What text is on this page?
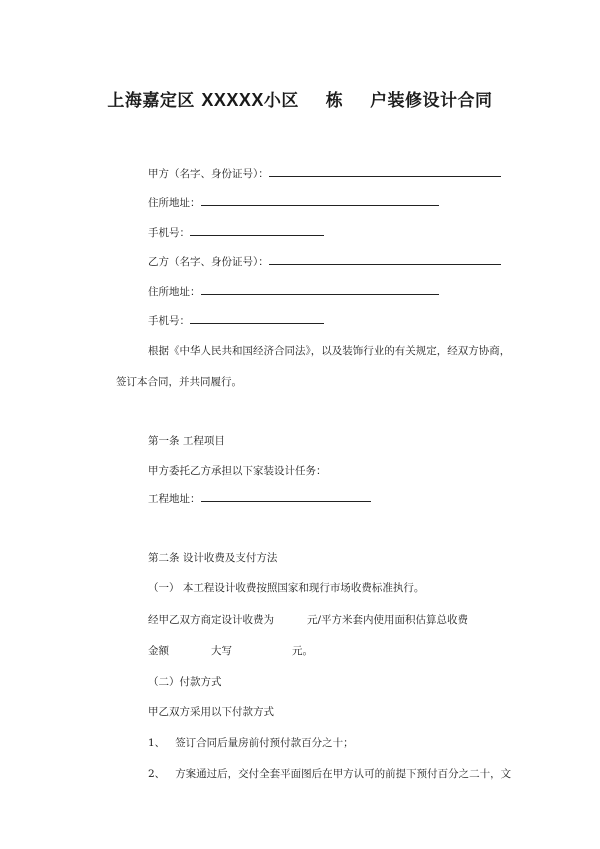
上海嘉定区 XXXXX小区 栋 户装修设计合同
甲方（名字、身份证号）：
住所地址：
手机号：
乙方（名字、身份证号）：
住所地址：
手机号：
根据《中华人民共和国经济合同法》，以及装饰行业的有关规定，经双方协商，
签订本合同，并共同履行。
第一条 工程项目
甲方委托乙方承担以下家装设计任务：
工程地址：
第二条 设计收费及支付方法
（一） 本工程设计收费按照国家和现行市场收费标准执行。
经甲乙双方商定设计收费为	元/平方米套内使用面积估算总收费
金额	大写	元。
（二）付款方式
甲乙双方采用以下付款方式
1、 签订合同后量房前付预付款百分之十；
2、 方案通过后，交付全套平面图后在甲方认可的前提下预付百分之二十，文
